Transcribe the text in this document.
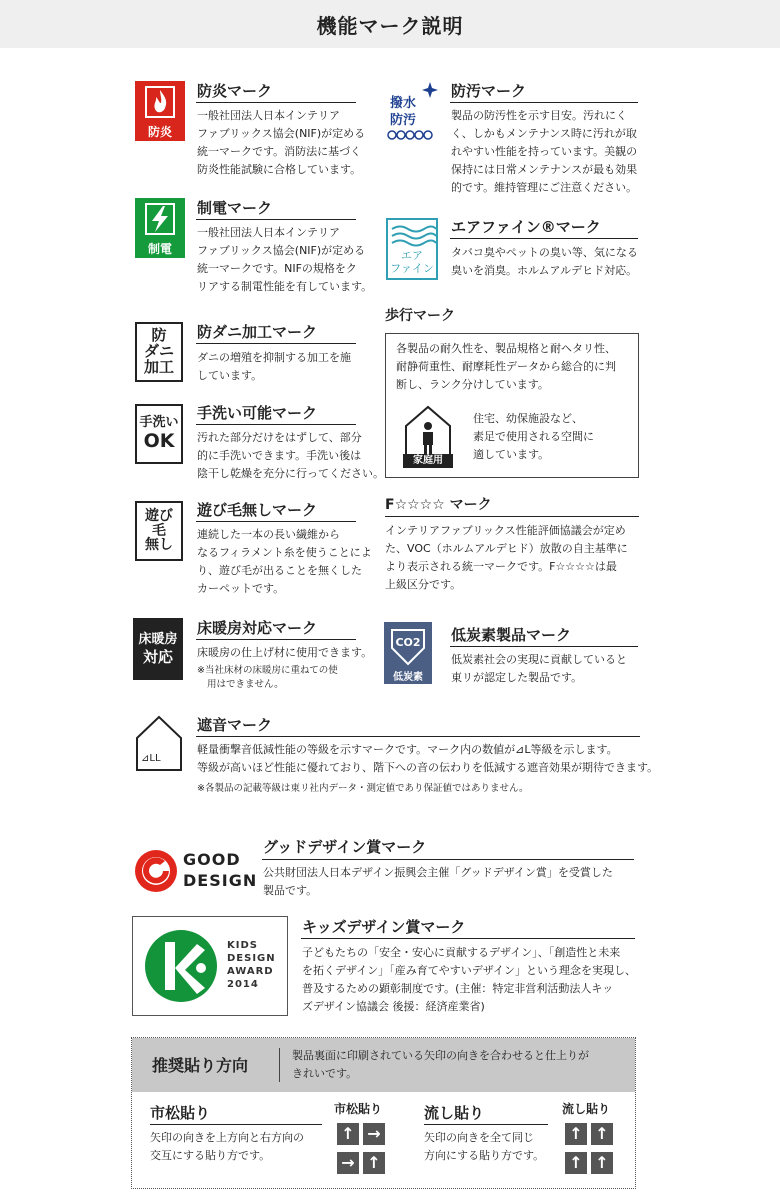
機能マーク説明
防炎
防炎マーク
一般社団法人日本インテリア
ファブリックス協会(NIF)が定める
統一マークです。消防法に基づく
防炎性能試験に合格しています。
制電
制電マーク
一般社団法人日本インテリア
ファブリックス協会(NIF)が定める
統一マークです。NIFの規格をク
リアする制電性能を有しています。
防
ダニ
加工
防ダニ加工マーク
ダニの増殖を抑制する加工を施
しています。
手洗い
OK
手洗い可能マーク
汚れた部分だけをはずして、部分
的に手洗いできます。手洗い後は
陰干し乾燥を充分に行ってください。
遊び
毛
無し
遊び毛無しマーク
連続した一本の長い繊維から
なるフィラメント糸を使うことによ
り、遊び毛が出ることを無くした
カーペットです。
床暖房
対応
床暖房対応マーク
床暖房の仕上げ材に使用できます。
※当社床材の床暖房に重ねての使
用はできません。
撥水
防汚
防汚マーク
製品の防汚性を示す目安。汚れにく
く、しかもメンテナンス時に汚れが取
れやすい性能を持っています。美観の
保持には日常メンテナンスが最も効果
的です。維持管理にご注意ください。
エア
ファイン
エアファイン®マーク
タバコ臭やペットの臭い等、気になる
臭いを消臭。ホルムアルデヒド対応。
歩行マーク
各製品の耐久性を、製品規格と耐ヘタリ性、
耐静荷重性、耐摩耗性データから総合的に判
断し、ランク分けしています。
家庭用
住宅、幼保施設など、
素足で使用される空間に
適しています。
F☆☆☆☆ マーク
インテリアファブリックス性能評価協議会が定め
た、VOC（ホルムアルデヒド）放散の自主基準に
より表示される統一マークです。F☆☆☆☆は最
上級区分です。
CO2
低炭素
低炭素製品マーク
低炭素社会の実現に貢献していると
東リが認定した製品です。
⊿LL
遮音マーク
軽量衝撃音低減性能の等級を示すマークです。マーク内の数値が⊿L等級を示します。
等級が高いほど性能に優れており、階下への音の伝わりを低減する遮音効果が期待できます。
※各製品の記載等級は東リ社内データ・測定値であり保証値ではありません。
GOOD
DESIGN
グッドデザイン賞マーク
公共財団法人日本デザイン振興会主催「グッドデザイン賞」を受賞した
製品です。
KIDS
DESIGN
AWARD
2014
キッズデザイン賞マーク
子どもたちの「安全・安心に貢献するデザイン」、「創造性と未来
を拓くデザイン」「産み育てやすいデザイン」という理念を実現し、
普及するための顕彰制度です。(主催：特定非営利活動法人キッ
ズデザイン協議会 後援：経済産業省)
推奨貼り方向
製品裏面に印刷されている矢印の向きを合わせると仕上りが
きれいです。
市松貼り
矢印の向きを上方向と右方向の
交互にする貼り方です。
市松貼り
↑ →
→ ↑
流し貼り
矢印の向きを全て同じ
方向にする貼り方です。
流し貼り
↑ ↑
↑ ↑
